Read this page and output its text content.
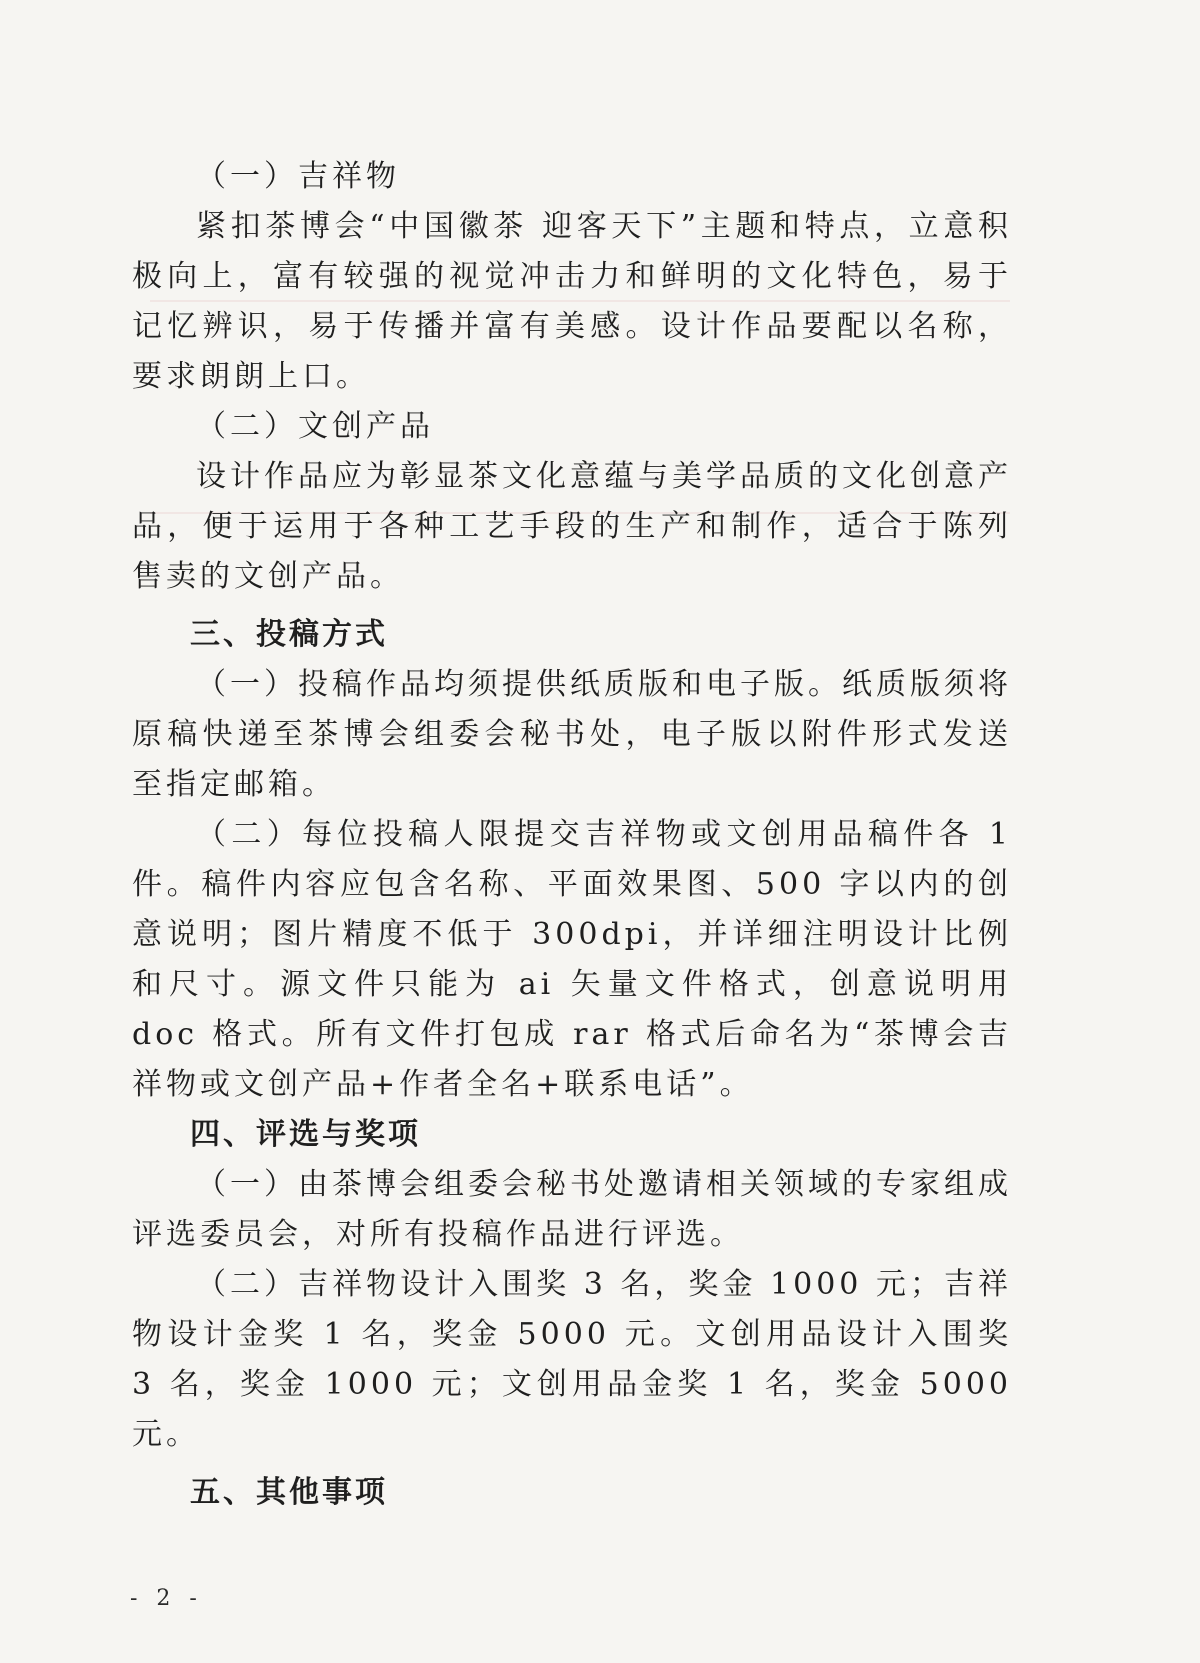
（一）吉祥物

紧扣茶博会“中国徽茶 迎客天下”主题和特点，立意积极向上，富有较强的视觉冲击力和鲜明的文化特色，易于记忆辨识，易于传播并富有美感。设计作品要配以名称，要求朗朗上口。

（二）文创产品

设计作品应为彰显茶文化意蕴与美学品质的文化创意产品，便于运用于各种工艺手段的生产和制作，适合于陈列售卖的文创产品。

三、投稿方式

（一）投稿作品均须提供纸质版和电子版。纸质版须将原稿快递至茶博会组委会秘书处，电子版以附件形式发送至指定邮箱。

（二）每位投稿人限提交吉祥物或文创用品稿件各 1 件。稿件内容应包含名称、平面效果图、500 字以内的创意说明；图片精度不低于 300dpi，并详细注明设计比例和尺寸。源文件只能为 ai 矢量文件格式，创意说明用 doc 格式。所有文件打包成 rar 格式后命名为“茶博会吉祥物或文创产品+作者全名+联系电话”。

四、评选与奖项

（一）由茶博会组委会秘书处邀请相关领域的专家组成评选委员会，对所有投稿作品进行评选。

（二）吉祥物设计入围奖 3 名，奖金 1000 元；吉祥物设计金奖 1 名，奖金 5000 元。文创用品设计入围奖 3 名，奖金 1000 元；文创用品金奖 1 名，奖金 5000 元。

五、其他事项
- 2 -
